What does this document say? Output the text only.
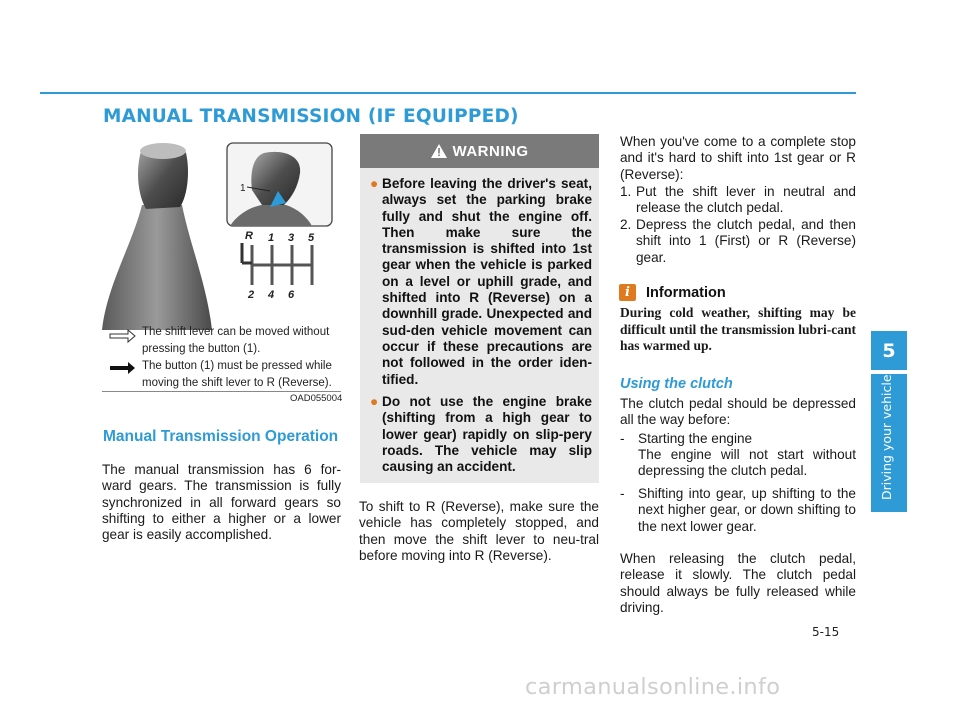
MANUAL TRANSMISSION (IF EQUIPPED)
1
R 1 3 5
2 4 6
The shift lever can be moved without pressing the button (1).
The button (1) must be pressed while moving the shift lever to R (Reverse).
OAD055004
Manual Transmission Operation
The manual transmission has 6 for-ward gears. The transmission is fully synchronized in all forward gears so shifting to either a higher or a lower gear is easily accomplished.
WARNING
● Before leaving the driver's seat, always set the parking brake fully and shut the engine off. Then make sure the transmission is shifted into 1st gear when the vehicle is parked on a level or uphill grade, and shifted into R (Reverse) on a downhill grade. Unexpected and sud-den vehicle movement can occur if these precautions are not followed in the order iden-tified.
● Do not use the engine brake (shifting from a high gear to lower gear) rapidly on slip-pery roads. The vehicle may slip causing an accident.
To shift to R (Reverse), make sure the vehicle has completely stopped, and then move the shift lever to neu-tral before moving into R (Reverse).
When you've come to a complete stop and it's hard to shift into 1st gear or R (Reverse):
1. Put the shift lever in neutral and release the clutch pedal.
2. Depress the clutch pedal, and then shift into 1 (First) or R (Reverse) gear.
i	Information
During cold weather, shifting may be difficult until the transmission lubri-cant has warmed up.
Using the clutch
The clutch pedal should be depressed all the way before:
- Starting the engine
The engine will not start without depressing the clutch pedal.
- Shifting into gear, up shifting to the next higher gear, or down shifting to the next lower gear.
When releasing the clutch pedal, release it slowly. The clutch pedal should always be fully released while driving.
5
Driving your vehicle
5-15
carmanualsonline.info
